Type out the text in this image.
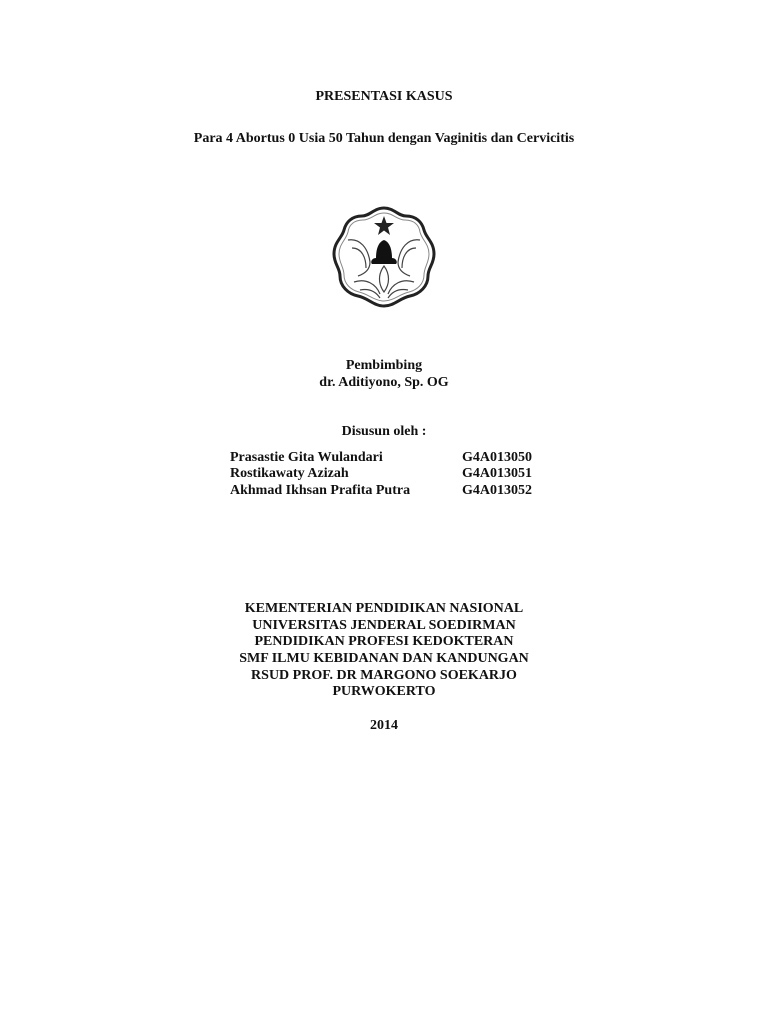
PRESENTASI KASUS
Para 4 Abortus 0 Usia 50 Tahun dengan Vaginitis dan Cervicitis
Pembimbing
dr. Aditiyono, Sp. OG
Disusun oleh :
Prasastie Gita Wulandari	G4A013050
Rostikawaty Azizah	G4A013051
Akhmad Ikhsan Prafita Putra	G4A013052
KEMENTERIAN PENDIDIKAN NASIONAL
UNIVERSITAS JENDERAL SOEDIRMAN
PENDIDIKAN PROFESI KEDOKTERAN
SMF ILMU KEBIDANAN DAN KANDUNGAN
RSUD PROF. DR MARGONO SOEKARJO
PURWOKERTO
2014
